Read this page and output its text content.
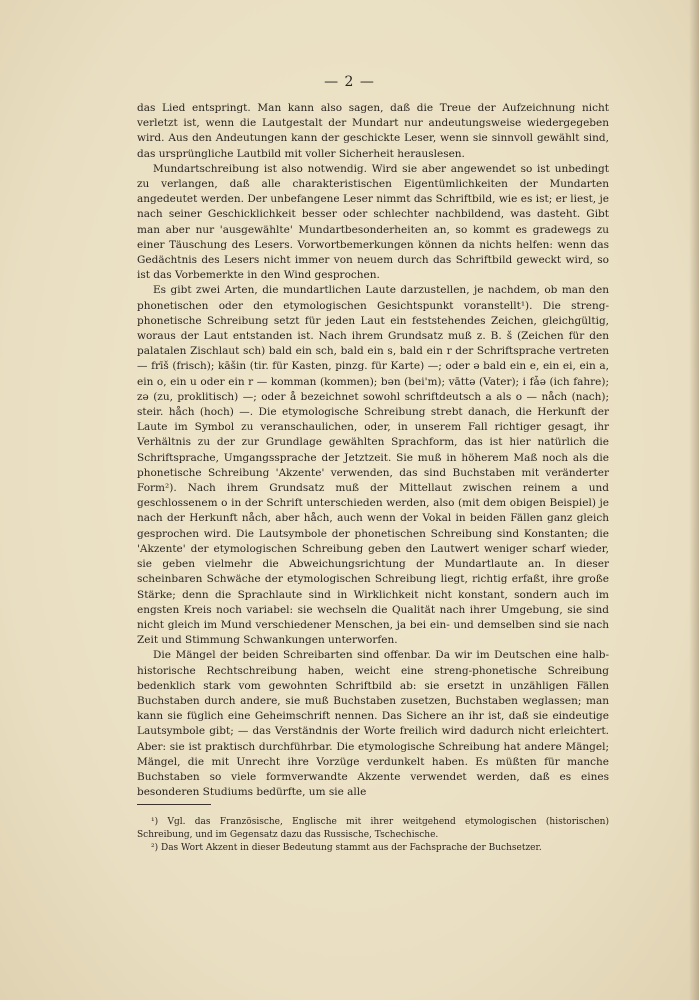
— 2 —

das Lied entspringt. Man kann also sagen, daß die Treue der Aufzeichnung nicht verletzt ist, wenn die Lautgestalt der Mundart nur andeutungsweise wiedergegeben wird. Aus den Andeutungen kann der geschickte Leser, wenn sie sinnvoll gewählt sind, das ursprüngliche Lautbild mit voller Sicherheit herauslesen.

Mundartschreibung ist also notwendig. Wird sie aber angewendet so ist unbedingt zu verlangen, daß alle charakteristischen Eigentümlichkeiten der Mundarten angedeutet werden. Der unbefangene Leser nimmt das Schriftbild, wie es ist; er liest, je nach seiner Geschicklichkeit besser oder schlechter nachbildend, was dasteht. Gibt man aber nur 'ausgewählte' Mundartbesonderheiten an, so kommt es gradewegs zu einer Täuschung des Lesers. Vorwortbemerkungen können da nichts helfen: wenn das Gedächtnis des Lesers nicht immer von neuem durch das Schriftbild geweckt wird, so ist das Vorbemerkte in den Wind gesprochen.

Es gibt zwei Arten, die mundartlichen Laute darzustellen, je nachdem, ob man den phonetischen oder den etymologischen Gesichtspunkt voranstellt¹). Die streng-phonetische Schreibung setzt für jeden Laut ein feststehendes Zeichen, gleichgültig, woraus der Laut entstanden ist. Nach ihrem Grundsatz muß z. B. š (Zeichen für den palatalen Zischlaut sch) bald ein sch, bald ein s, bald ein r der Schriftsprache vertreten — frīš (frisch); kāšin (tir. für Kasten, pinzg. für Karte) —; oder ə bald ein e, ein ei, ein a, ein o, ein u oder ein r — komman (kommen); bən (bei'm); vāttə (Vater); i fǡə (ich fahre); zə (zu, proklitisch) —; oder å bezeichnet sowohl schriftdeutsch a als o — nåch (nach); steir. håch (hoch) —. Die etymologische Schreibung strebt danach, die Herkunft der Laute im Symbol zu veranschaulichen, oder, in unserem Fall richtiger gesagt, ihr Verhältnis zu der zur Grundlage gewählten Sprachform, das ist hier natürlich die Schriftsprache, Umgangssprache der Jetztzeit. Sie muß in höherem Maß noch als die phonetische Schreibung 'Akzente' verwenden, das sind Buchstaben mit veränderter Form²). Nach ihrem Grundsatz muß der Mittellaut zwischen reinem a und geschlossenem o in der Schrift unterschieden werden, also (mit dem obigen Beispiel) je nach der Herkunft nåch, aber håch, auch wenn der Vokal in beiden Fällen ganz gleich gesprochen wird. Die Lautsymbole der phonetischen Schreibung sind Konstanten; die 'Akzente' der etymologischen Schreibung geben den Lautwert weniger scharf wieder, sie geben vielmehr die Abweichungsrichtung der Mundartlaute an. In dieser scheinbaren Schwäche der etymologischen Schreibung liegt, richtig erfaßt, ihre große Stärke; denn die Sprachlaute sind in Wirklichkeit nicht konstant, sondern auch im engsten Kreis noch variabel: sie wechseln die Qualität nach ihrer Umgebung, sie sind nicht gleich im Mund verschiedener Menschen, ja bei ein- und demselben sind sie nach Zeit und Stimmung Schwankungen unterworfen.

Die Mängel der beiden Schreibarten sind offenbar. Da wir im Deutschen eine halb-historische Rechtschreibung haben, weicht eine streng-phonetische Schreibung bedenklich stark vom gewohnten Schriftbild ab: sie ersetzt in unzähligen Fällen Buchstaben durch andere, sie muß Buchstaben zusetzen, Buchstaben weglassen; man kann sie füglich eine Geheimschrift nennen. Das Sichere an ihr ist, daß sie eindeutige Lautsymbole gibt; — das Verständnis der Worte freilich wird dadurch nicht erleichtert. Aber: sie ist praktisch durchführbar. Die etymologische Schreibung hat andere Mängel; Mängel, die mit Unrecht ihre Vorzüge verdunkelt haben. Es müßten für manche Buchstaben so viele formverwandte Akzente verwendet werden, daß es eines besonderen Studiums bedürfte, um sie alle

¹) Vgl. das Französische, Englische mit ihrer weitgehend etymologischen (historischen) Schreibung, und im Gegensatz dazu das Russische, Tschechische.

²) Das Wort Akzent in dieser Bedeutung stammt aus der Fachsprache der Buchsetzer.
